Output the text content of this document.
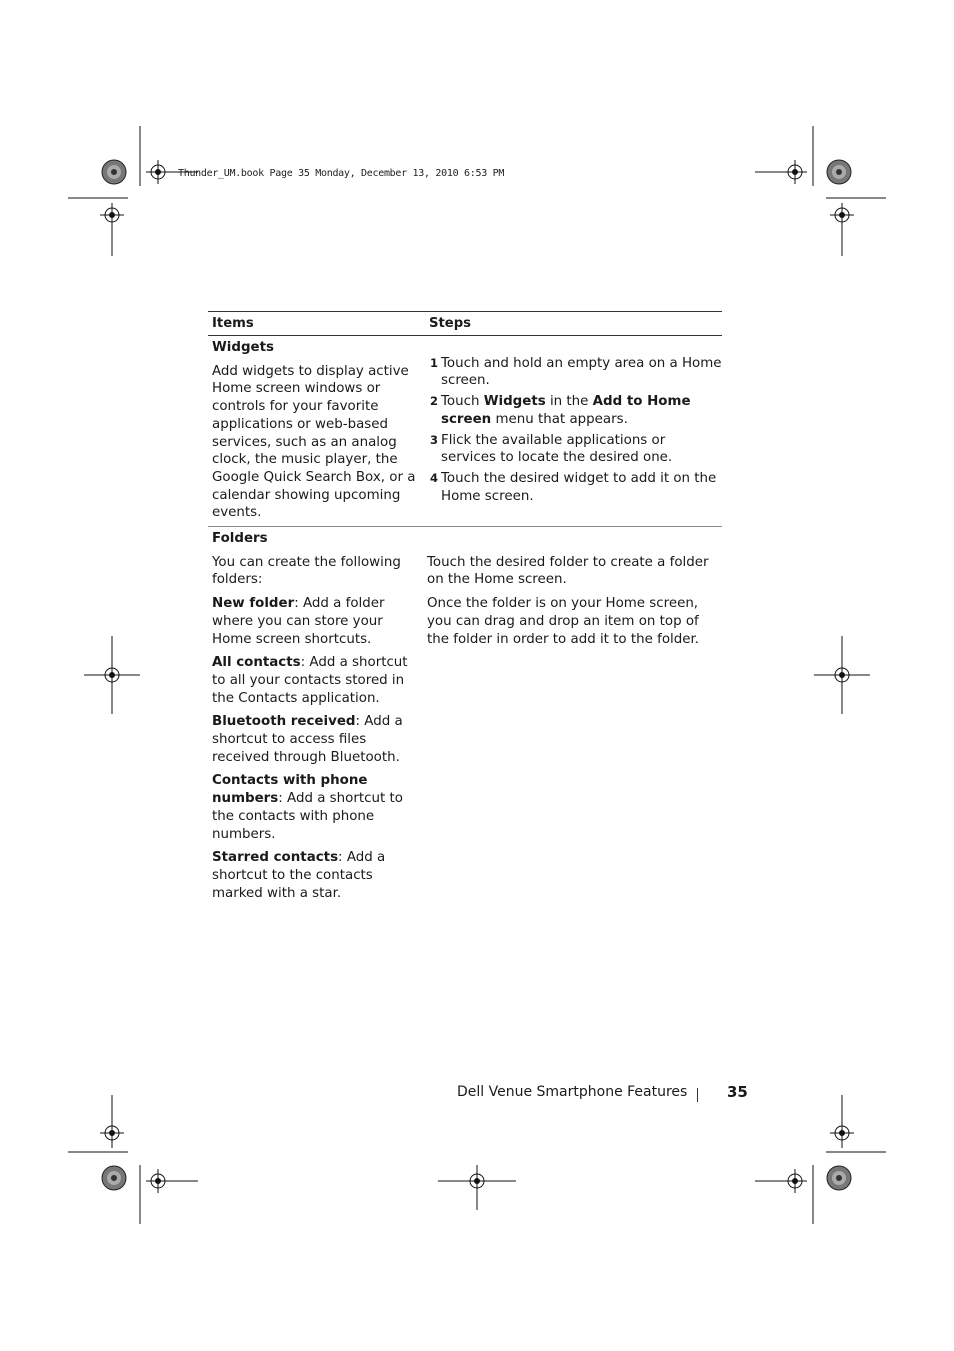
Thunder_UM.book Page 35 Monday, December 13, 2010 6:53 PM
Items	Steps
Widgets
Add widgets to display active Home screen windows or controls for your favorite applications or web-based services, such as an analog clock, the music player, the Google Quick Search Box, or a calendar showing upcoming events.
1 Touch and hold an empty area on a Home screen.
2 Touch Widgets in the Add to Home screen menu that appears.
3 Flick the available applications or services to locate the desired one.
4 Touch the desired widget to add it on the Home screen.
Folders
You can create the following folders:
New folder: Add a folder where you can store your Home screen shortcuts.
All contacts: Add a shortcut to all your contacts stored in the Contacts application.
Bluetooth received: Add a shortcut to access files received through Bluetooth.
Contacts with phone numbers: Add a shortcut to the contacts with phone numbers.
Starred contacts: Add a shortcut to the contacts marked with a star.
Touch the desired folder to create a folder on the Home screen.
Once the folder is on your Home screen, you can drag and drop an item on top of the folder in order to add it to the folder.
Dell Venue Smartphone Features	35
